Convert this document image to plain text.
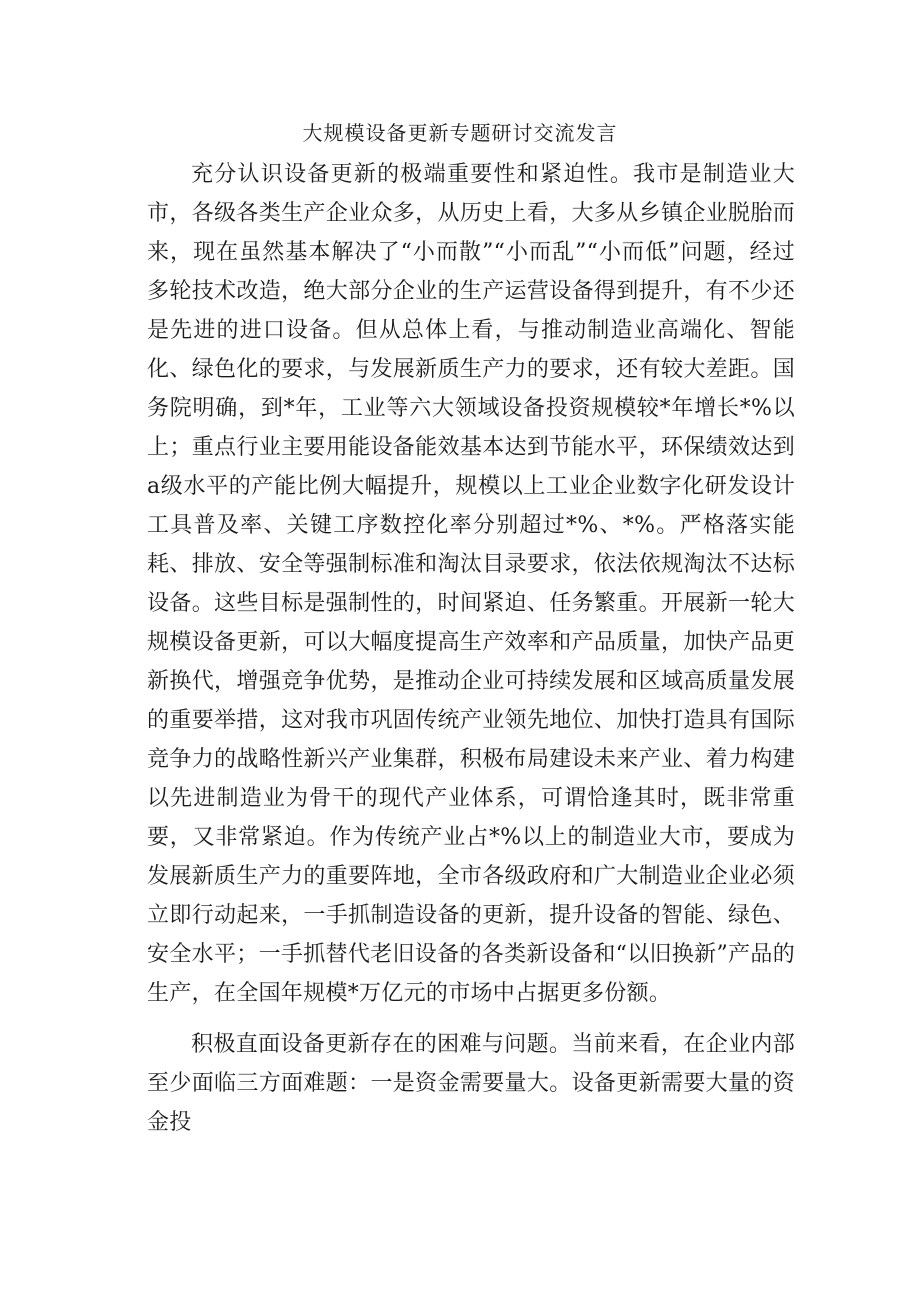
大规模设备更新专题研讨交流发言

充分认识设备更新的极端重要性和紧迫性。我市是制造业大市，各级各类生产企业众多，从历史上看，大多从乡镇企业脱胎而来，现在虽然基本解决了“小而散”“小而乱”“小而低”问题，经过多轮技术改造，绝大部分企业的生产运营设备得到提升，有不少还是先进的进口设备。但从总体上看，与推动制造业高端化、智能化、绿色化的要求，与发展新质生产力的要求，还有较大差距。国务院明确，到*年，工业等六大领域设备投资规模较*年增长*%以上；重点行业主要用能设备能效基本达到节能水平，环保绩效达到a级水平的产能比例大幅提升，规模以上工业企业数字化研发设计工具普及率、关键工序数控化率分别超过*%、*%。严格落实能耗、排放、安全等强制标准和淘汰目录要求，依法依规淘汰不达标设备。这些目标是强制性的，时间紧迫、任务繁重。开展新一轮大规模设备更新，可以大幅度提高生产效率和产品质量，加快产品更新换代，增强竞争优势，是推动企业可持续发展和区域高质量发展的重要举措，这对我市巩固传统产业领先地位、加快打造具有国际竞争力的战略性新兴产业集群，积极布局建设未来产业、着力构建以先进制造业为骨干的现代产业体系，可谓恰逢其时，既非常重要，又非常紧迫。作为传统产业占*%以上的制造业大市，要成为发展新质生产力的重要阵地，全市各级政府和广大制造业企业必须立即行动起来，一手抓制造设备的更新，提升设备的智能、绿色、安全水平；一手抓替代老旧设备的各类新设备和“以旧换新”产品的生产，在全国年规模*万亿元的市场中占据更多份额。

积极直面设备更新存在的困难与问题。当前来看，在企业内部至少面临三方面难题：一是资金需要量大。设备更新需要大量的资金投
